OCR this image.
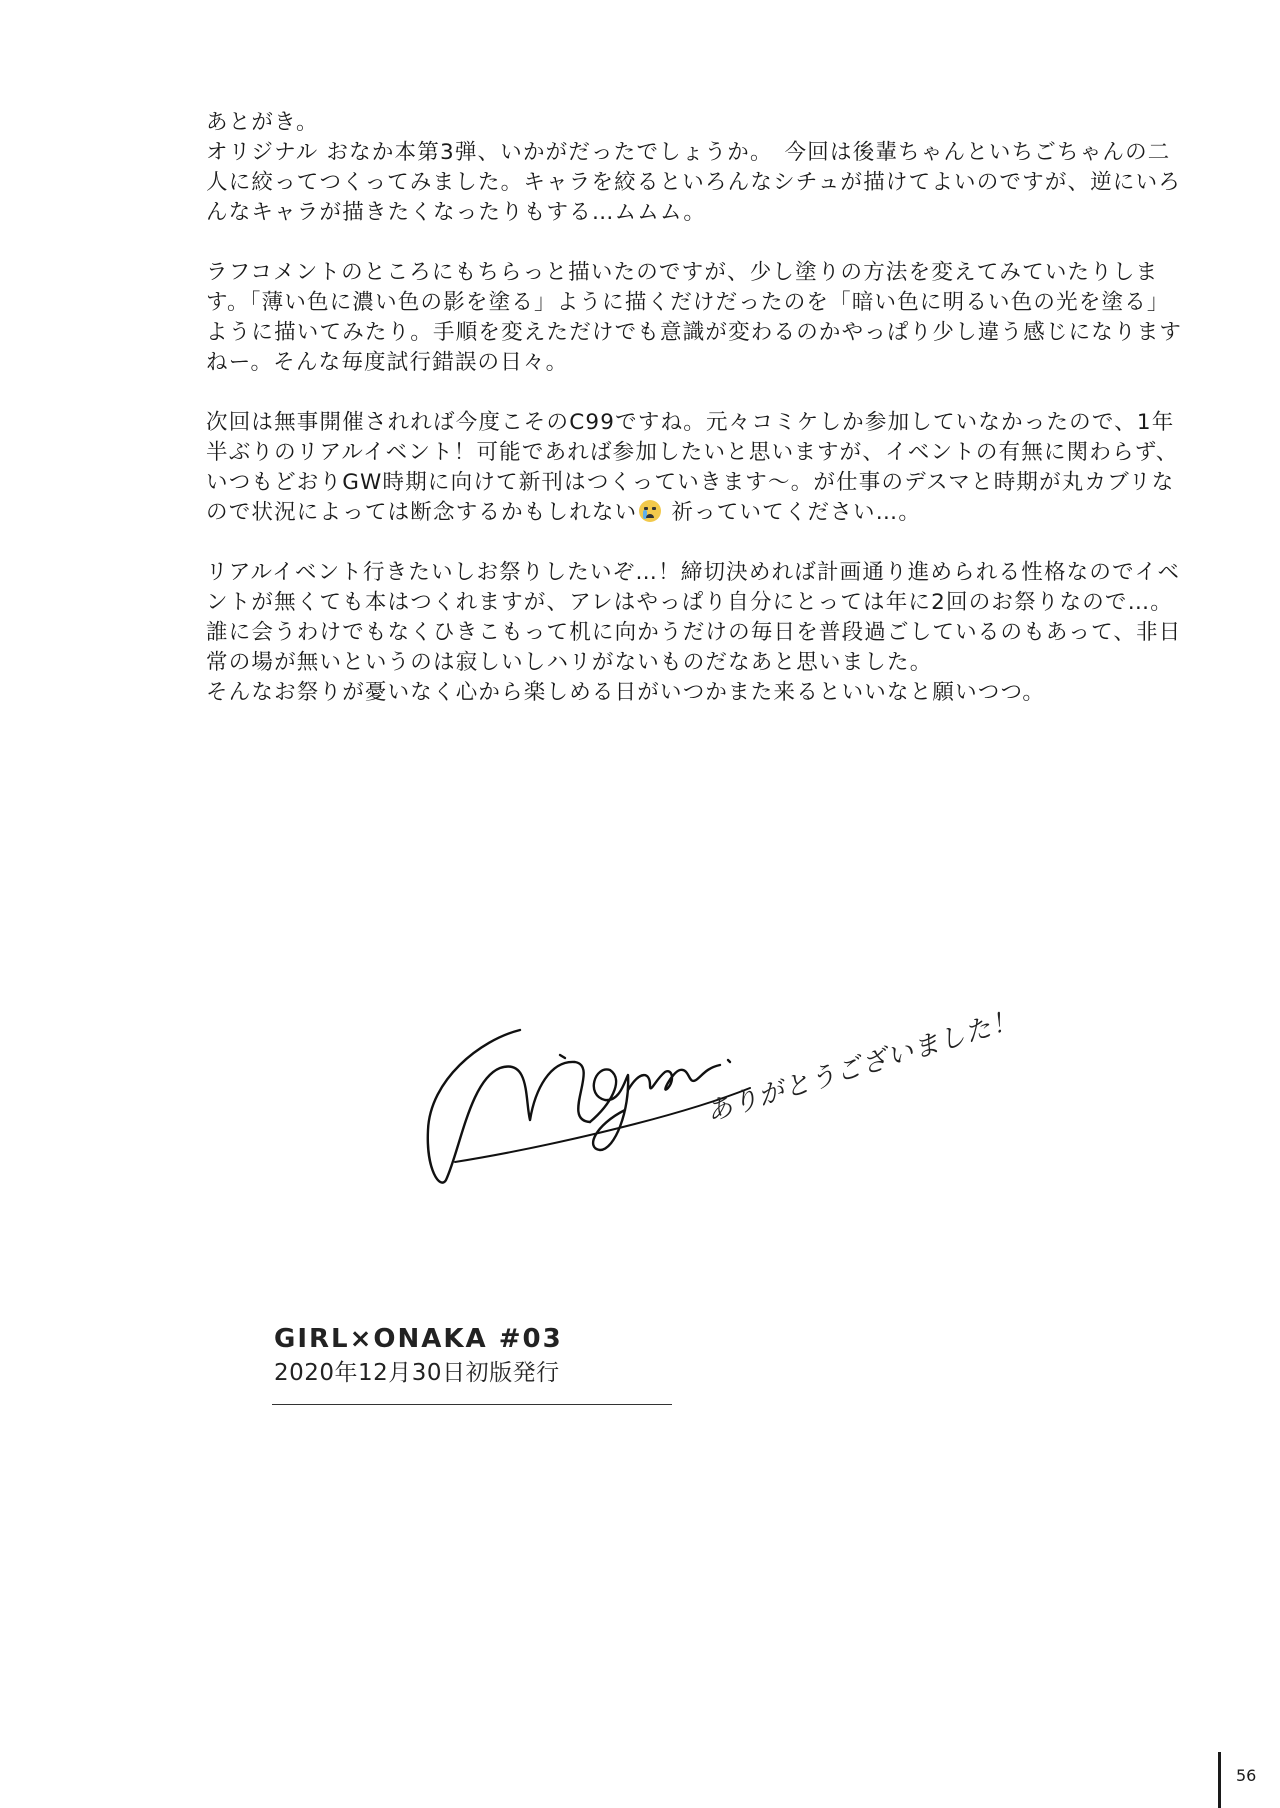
あとがき。

オリジナル おなか本第3弾、いかがだったでしょうか。　今回は後輩ちゃんといちごちゃんの二
人に絞ってつくってみました。キャラを絞るといろんなシチュが描けてよいのですが、逆にいろ
んなキャラが描きたくなったりもする…ムムム。

ラフコメントのところにもちらっと描いたのですが、少し塗りの方法を変えてみていたりしま
す。「薄い色に濃い色の影を塗る」ように描くだけだったのを「暗い色に明るい色の光を塗る」
ように描いてみたり。手順を変えただけでも意識が変わるのかやっぱり少し違う感じになります
ねー。そんな毎度試行錯誤の日々。

次回は無事開催されれば今度こそのC99ですね。元々コミケしか参加していなかったので、1年
半ぶりのリアルイベント！可能であれば参加したいと思いますが、イベントの有無に関わらず、
いつもどおりGW時期に向けて新刊はつくっていきます～。が仕事のデスマと時期が丸カブリな
ので状況によっては断念するかもしれない
祈っていてください…。

リアルイベント行きたいしお祭りしたいぞ…！締切決めれば計画通り進められる性格なのでイベ
ントが無くても本はつくれますが、アレはやっぱり自分にとっては年に2回のお祭りなので…。
誰に会うわけでもなくひきこもって机に向かうだけの毎日を普段過ごしているのもあって、非日
常の場が無いというのは寂しいしハリがないものだなあと思いました。
そんなお祭りが憂いなく心から楽しめる日がいつかまた来るといいなと願いつつ。

ありがとうございました！
GIRL×ONAKA #03
2020年12月30日初版発行
56
